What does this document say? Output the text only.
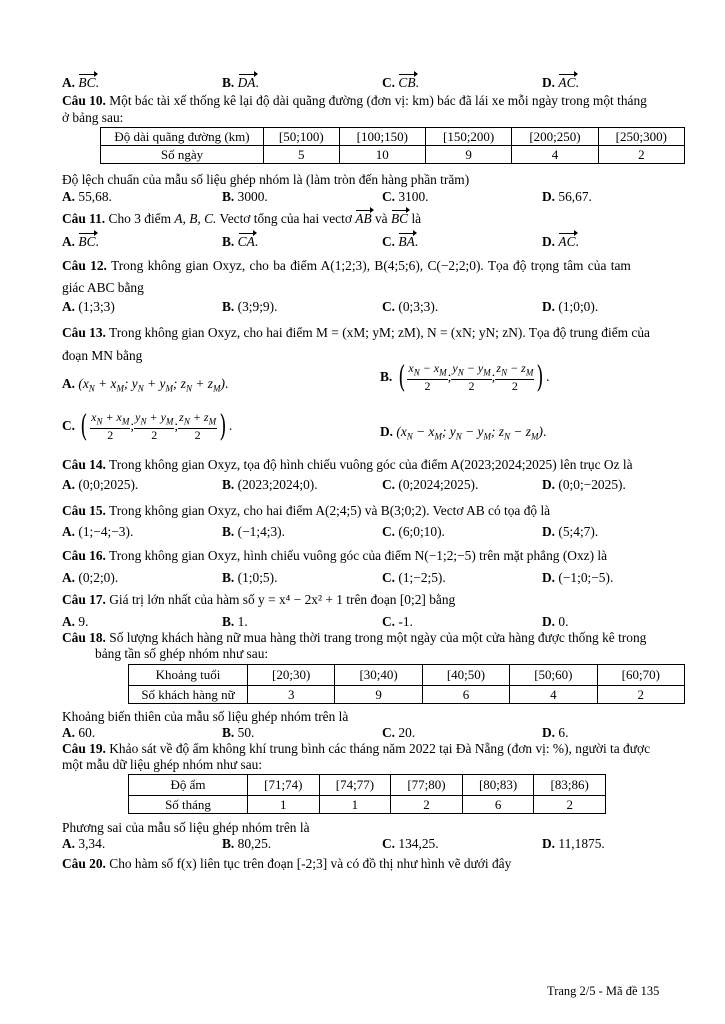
A. BC.	B. DA.	C. CB.	D. AC.
Câu 10. Một bác tài xế thống kê lại độ dài quãng đường (đơn vị: km) bác đã lái xe mỗi ngày trong một tháng
ở bảng sau:
Độ dài quãng đường (km)	[50;100)	[100;150)	[150;200)	[200;250)	[250;300)
Số ngày	5	10	9	4	2
Độ lệch chuẩn của mẫu số liệu ghép nhóm là (làm tròn đến hàng phần trăm)
A. 55,68.	B. 3000.	C. 3100.	D. 56,67.
Câu 11. Cho 3 điểm A, B, C. Vectơ tổng của hai vectơ AB và BC là
A. BC.	B. CA.	C. BA.	D. AC.
Câu 12. Trong không gian Oxyz, cho ba điểm A(1;2;3), B(4;5;6), C(−2;2;0). Tọa độ trọng tâm của tam
giác ABC bằng
A. (1;3;3)	B. (3;9;9).	C. (0;3;3).	D. (1;0;0).
Câu 13. Trong không gian Oxyz, cho hai điểm M = (xM; yM; zM), N = (xN; yN; zN). Tọa độ trung điểm của
đoạn MN bằng
A. ($x_N + x_M$; $y_N + y_M$; $z_N + z_M$).	B. ( $\frac{x_N - x_M}{2}$ ; $\frac{y_N - y_M}{2}$ ; $\frac{z_N - z_M}{2}$ ) .
C. ( $\frac{x_N + x_M}{2}$ ; $\frac{y_N + y_M}{2}$ ; $\frac{z_N + z_M}{2}$ ) .	D. ($x_N - x_M$; $y_N - y_M$; $z_N - z_M$).
Câu 14. Trong không gian Oxyz, tọa độ hình chiếu vuông góc của điểm A(2023;2024;2025) lên trục Oz là
A. (0;0;2025).	B. (2023;2024;0).	C. (0;2024;2025).	D. (0;0;−2025).
Câu 15. Trong không gian Oxyz, cho hai điểm A(2;4;5) và B(3;0;2). Vectơ AB có tọa độ là
A. (1;−4;−3).	B. (−1;4;3).	C. (6;0;10).	D. (5;4;7).
Câu 16. Trong không gian Oxyz, hình chiếu vuông góc của điểm N(−1;2;−5) trên mặt phẳng (Oxz) là
A. (0;2;0).	B. (1;0;5).	C. (1;−2;5).	D. (−1;0;−5).
Câu 17. Giá trị lớn nhất của hàm số y = x⁴ − 2x² + 1 trên đoạn [0;2] bằng
A. 9.	B. 1.	C. -1.	D. 0.
Câu 18. Số lượng khách hàng nữ mua hàng thời trang trong một ngày của một cửa hàng được thống kê trong
bảng tần số ghép nhóm như sau:
Khoảng tuổi	[20;30)	[30;40)	[40;50)	[50;60)	[60;70)
Số khách hàng nữ	3	9	6	4	2
Khoảng biến thiên của mẫu số liệu ghép nhóm trên là
A. 60.	B. 50.	C. 20.	D. 6.
Câu 19. Khảo sát về độ ẩm không khí trung bình các tháng năm 2022 tại Đà Nẵng (đơn vị: %), người ta được
một mẫu dữ liệu ghép nhóm như sau:
Độ ẩm	[71;74)	[74;77)	[77;80)	[80;83)	[83;86)
Số tháng	1	1	2	6	2
Phương sai của mẫu số liệu ghép nhóm trên là
A. 3,34.	B. 80,25.	C. 134,25.	D. 11,1875.
Câu 20. Cho hàm số f(x) liên tục trên đoạn [-2;3] và có đồ thị như hình vẽ dưới đây
Trang 2/5 - Mã đề 135
